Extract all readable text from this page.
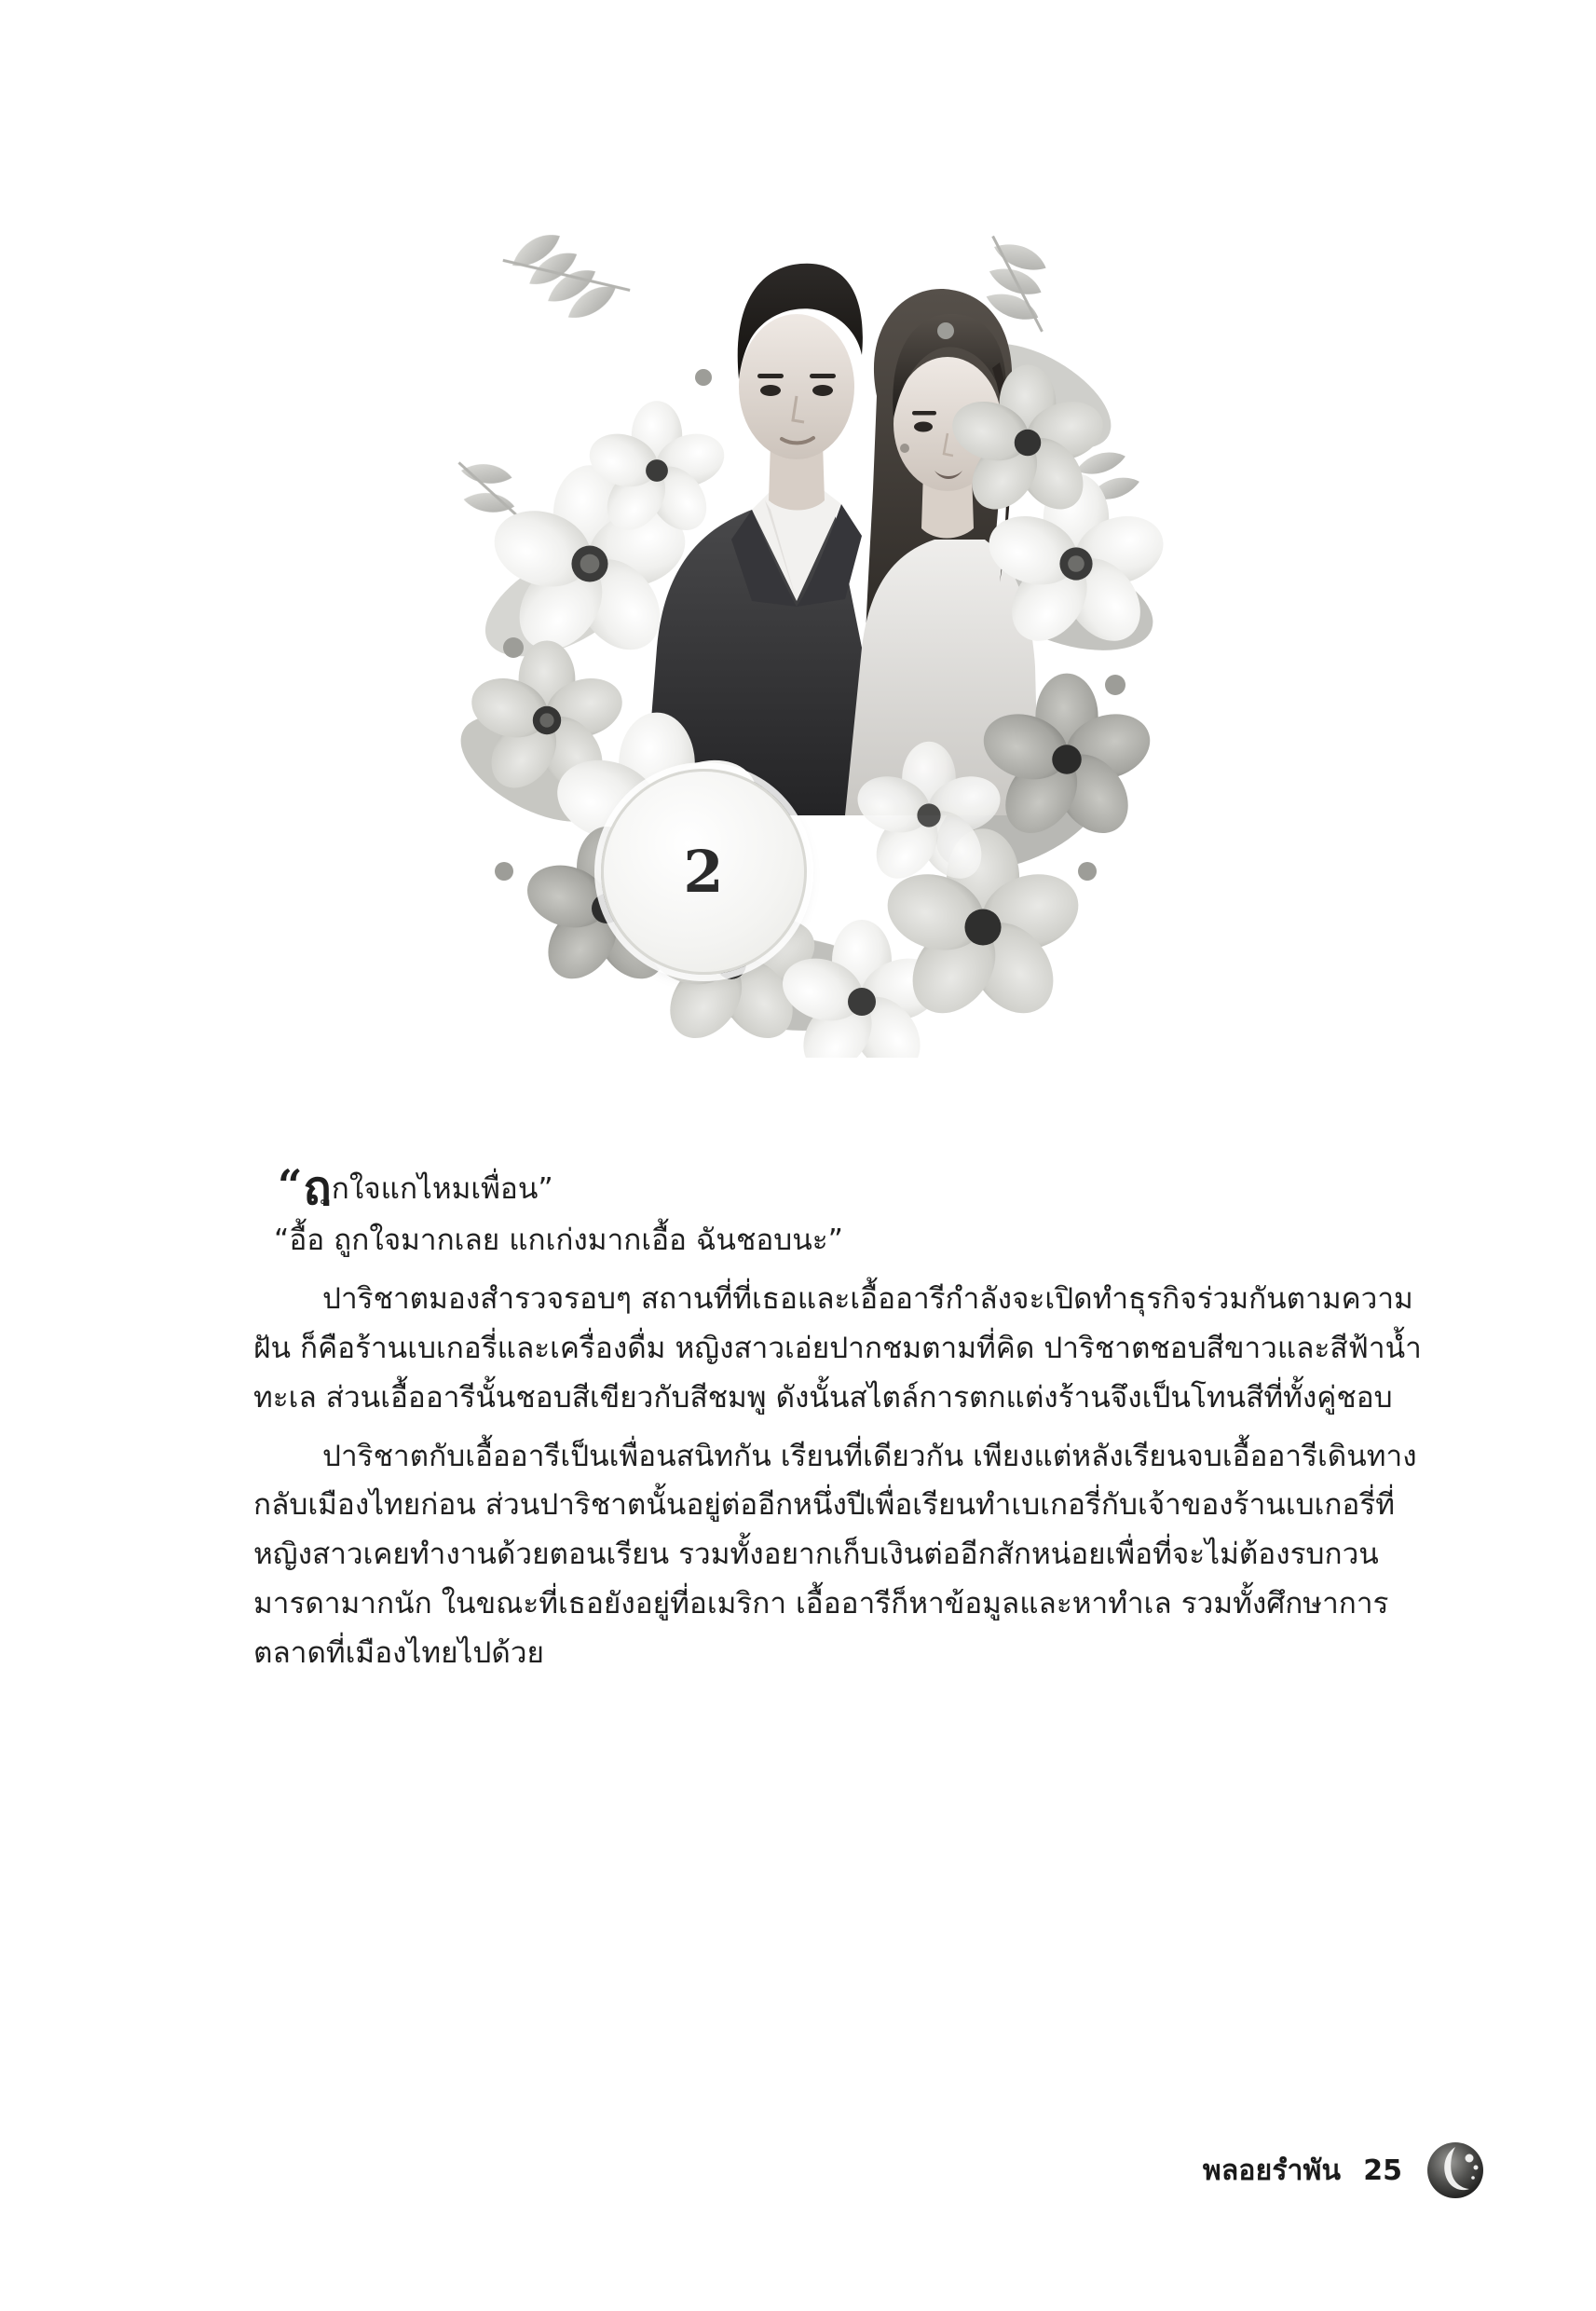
2

“ถูกใจแกไหมเพื่อน”

“อื้อ ถูกใจมากเลย แกเก่งมากเอื้อ ฉันชอบนะ”

ปาริชาตมองสำรวจรอบๆ สถานที่ที่เธอและเอื้ออารีกำลังจะเปิดทำธุรกิจร่วมกันตามความฝัน ก็คือร้านเบเกอรี่และเครื่องดื่ม หญิงสาวเอ่ยปากชมตามที่คิด ปาริชาตชอบสีขาวและสีฟ้าน้ำทะเล ส่วนเอื้ออารีนั้นชอบสีเขียวกับสีชมพู ดังนั้นสไตล์การตกแต่งร้านจึงเป็นโทนสีที่ทั้งคู่ชอบ

ปาริชาตกับเอื้ออารีเป็นเพื่อนสนิทกัน เรียนที่เดียวกัน เพียงแต่หลังเรียนจบเอื้ออารีเดินทางกลับเมืองไทยก่อน ส่วนปาริชาตนั้นอยู่ต่ออีกหนึ่งปีเพื่อเรียนทำเบเกอรี่กับเจ้าของร้านเบเกอรี่ที่หญิงสาวเคยทำงานด้วยตอนเรียน รวมทั้งอยากเก็บเงินต่ออีกสักหน่อยเพื่อที่จะไม่ต้องรบกวนมารดามากนัก ในขณะที่เธอยังอยู่ที่อเมริกา เอื้ออารีก็หาข้อมูลและหาทำเล รวมทั้งศึกษาการตลาดที่เมืองไทยไปด้วย

พลอยรำพัน 25
